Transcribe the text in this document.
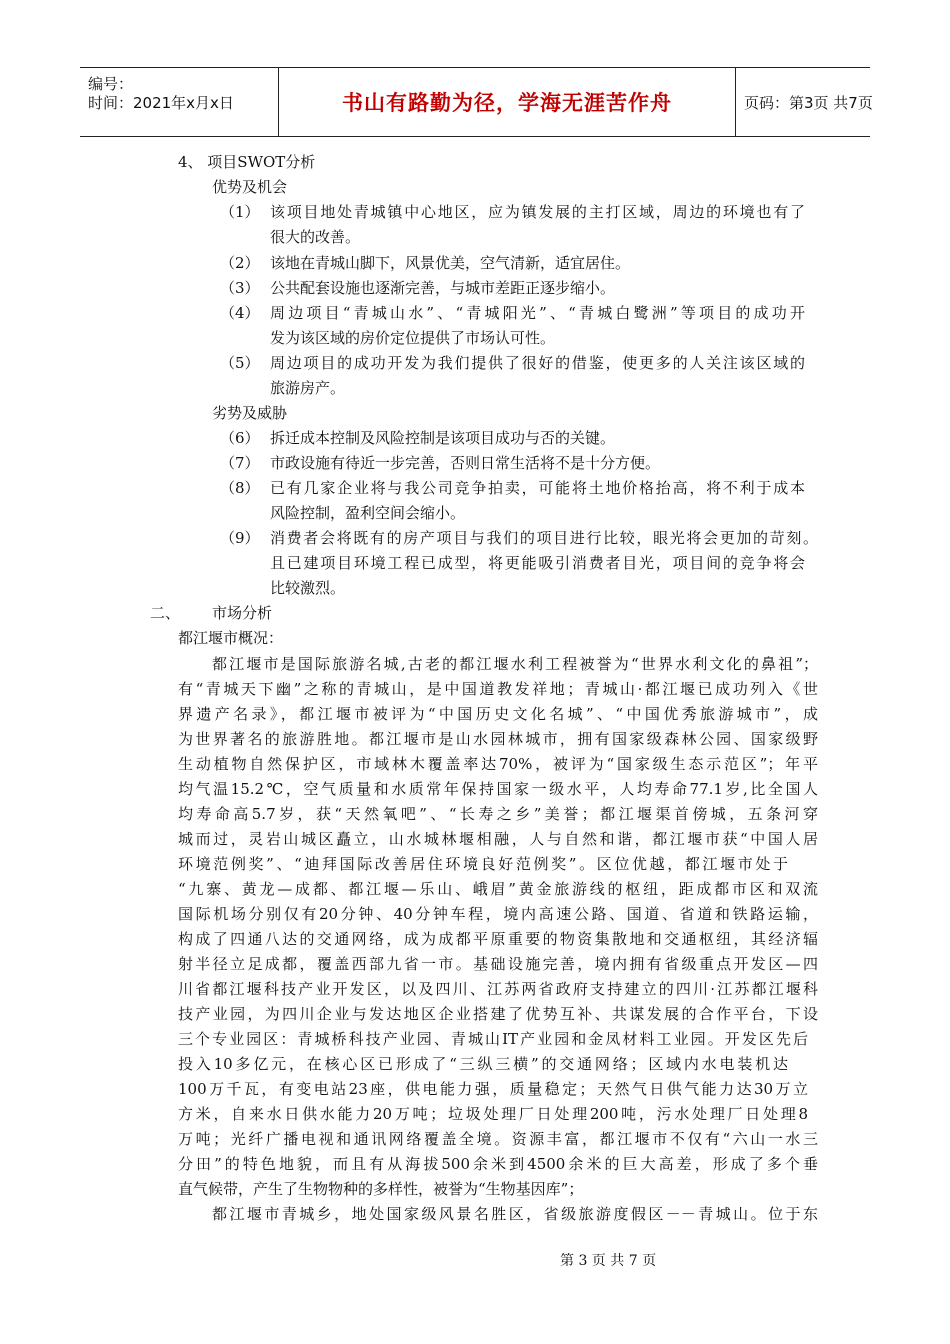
编号：
时间：2021年x月x日	书山有路勤为径，学海无涯苦作舟	页码：第3页 共7页
4、 项目SWOT分析
优势及机会
（1） 该项目地处青城镇中心地区，应为镇发展的主打区域，周边的环境也有了
很大的改善。
（2） 该地在青城山脚下，风景优美，空气清新，适宜居住。
（3） 公共配套设施也逐渐完善，与城市差距正逐步缩小。
（4） 周边项目“青城山水”、“青城阳光”、“青城白鹭洲”等项目的成功开
发为该区域的房价定位提供了市场认可性。
（5） 周边项目的成功开发为我们提供了很好的借鉴，使更多的人关注该区域的
旅游房产。
劣势及威胁
（6） 拆迁成本控制及风险控制是该项目成功与否的关键。
（7） 市政设施有待近一步完善，否则日常生活将不是十分方便。
（8） 已有几家企业将与我公司竞争拍卖，可能将土地价格抬高，将不利于成本
风险控制，盈利空间会缩小。
（9） 消费者会将既有的房产项目与我们的项目进行比较，眼光将会更加的苛刻。
且已建项目环境工程已成型，将更能吸引消费者目光，项目间的竞争将会
比较激烈。
二、 市场分析
都江堰市概况：
都江堰市是国际旅游名城,古老的都江堰水利工程被誉为“世界水利文化的鼻祖”；
有“青城天下幽”之称的青城山，是中国道教发祥地；青城山·都江堰已成功列入《世
界遗产名录》，都江堰市被评为“中国历史文化名城”、“中国优秀旅游城市”，成
为世界著名的旅游胜地。都江堰市是山水园林城市，拥有国家级森林公园、国家级野
生动植物自然保护区，市域林木覆盖率达70%，被评为“国家级生态示范区”；年平
均气温15.2℃，空气质量和水质常年保持国家一级水平，人均寿命77.1岁,比全国人
均寿命高5.7岁，获“天然氧吧”、“长寿之乡”美誉；都江堰渠首傍城，五条河穿
城而过，灵岩山城区矗立，山水城林堰相融，人与自然和谐，都江堰市获“中国人居
环境范例奖”、“迪拜国际改善居住环境良好范例奖”。区位优越，都江堰市处于
“九寨、黄龙—成都、都江堰—乐山、峨眉”黄金旅游线的枢纽，距成都市区和双流
国际机场分别仅有20分钟、40分钟车程，境内高速公路、国道、省道和铁路运输，
构成了四通八达的交通网络，成为成都平原重要的物资集散地和交通枢纽，其经济辐
射半径立足成都，覆盖西部九省一市。基础设施完善，境内拥有省级重点开发区—四
川省都江堰科技产业开发区，以及四川、江苏两省政府支持建立的四川·江苏都江堰科
技产业园，为四川企业与发达地区企业搭建了优势互补、共谋发展的合作平台，下设
三个专业园区：青城桥科技产业园、青城山IT产业园和金凤材料工业园。开发区先后
投入10多亿元，在核心区已形成了“三纵三横”的交通网络；区域内水电装机达
100万千瓦，有变电站23座，供电能力强，质量稳定；天然气日供气能力达30万立
方米，自来水日供水能力20万吨；垃圾处理厂日处理200吨，污水处理厂日处理8
万吨；光纤广播电视和通讯网络覆盖全境。资源丰富，都江堰市不仅有“六山一水三
分田”的特色地貌，而且有从海拔500余米到4500余米的巨大高差，形成了多个垂
直气候带，产生了生物物种的多样性，被誉为“生物基因库”；
都江堰市青城乡，地处国家级风景名胜区，省级旅游度假区－－青城山。位于东
第 3 页 共 7 页
